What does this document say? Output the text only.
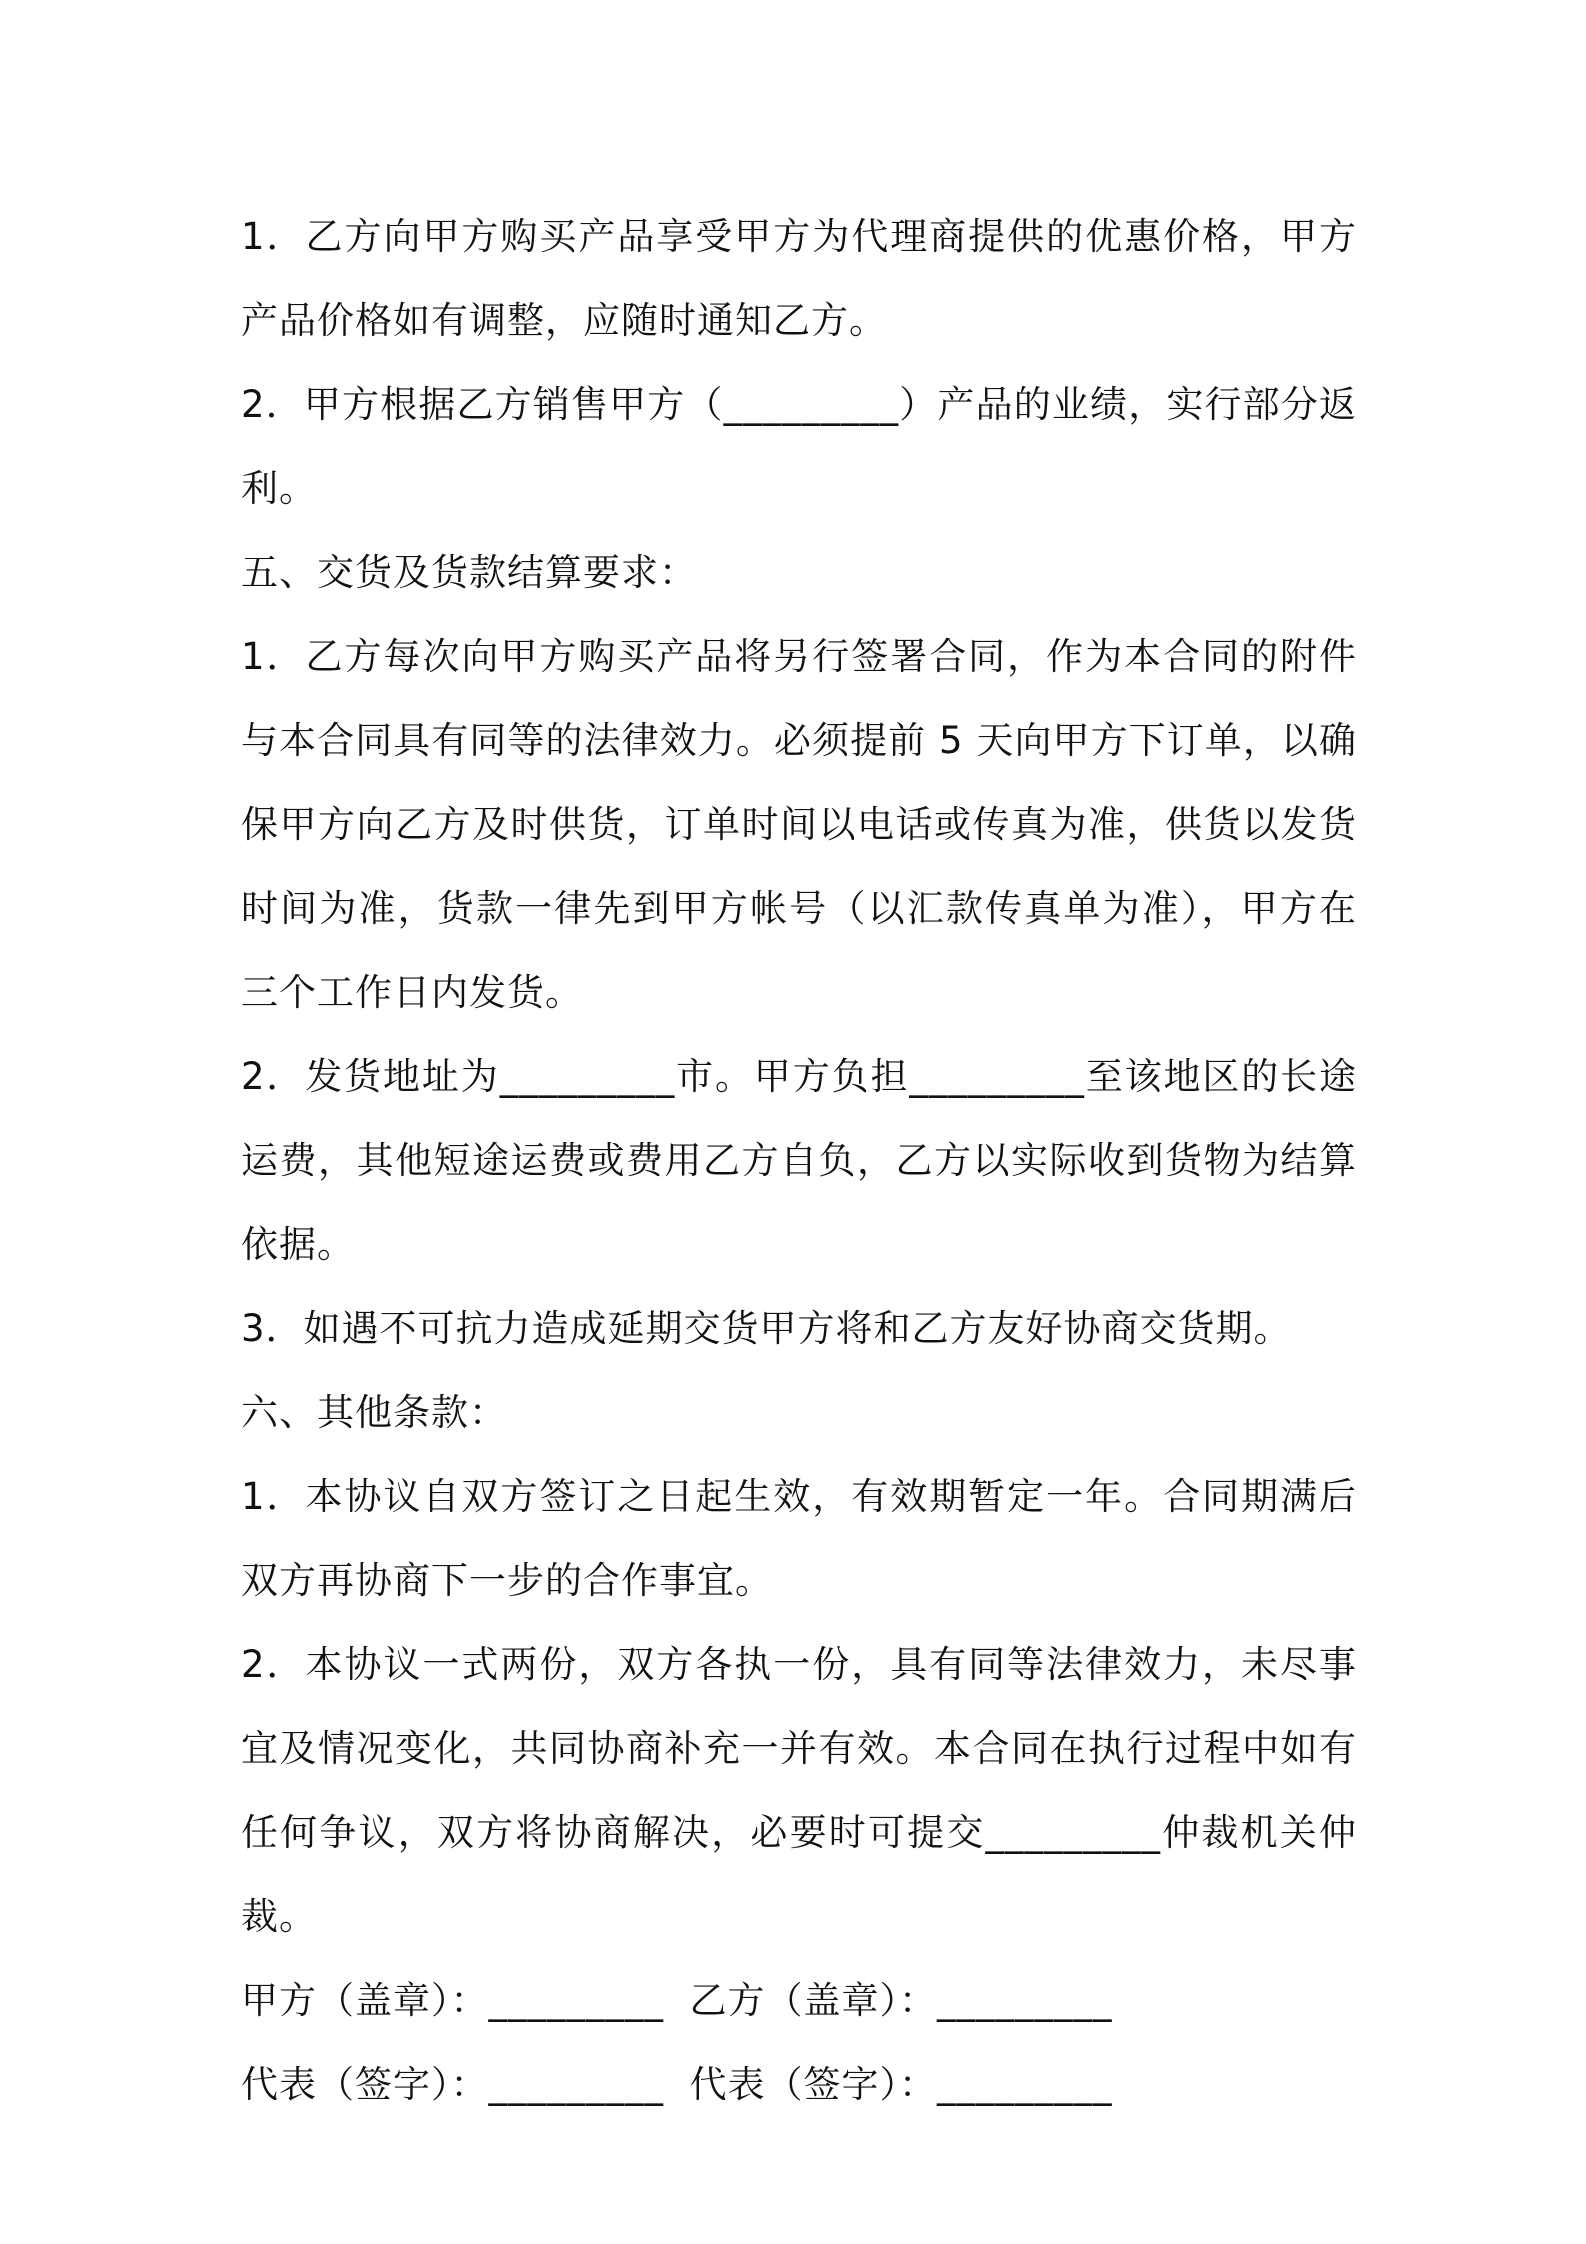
1．乙方向甲方购买产品享受甲方为代理商提供的优惠价格，甲方产品价格如有调整，应随时通知乙方。

2．甲方根据乙方销售甲方（_________）产品的业绩，实行部分返利。

五、交货及货款结算要求：

1．乙方每次向甲方购买产品将另行签署合同，作为本合同的附件与本合同具有同等的法律效力。必须提前 5 天向甲方下订单，以确保甲方向乙方及时供货，订单时间以电话或传真为准，供货以发货时间为准，货款一律先到甲方帐号（以汇款传真单为准），甲方在三个工作日内发货。

2．发货地址为_________市。甲方负担_________至该地区的长途运费，其他短途运费或费用乙方自负，乙方以实际收到货物为结算依据。

3．如遇不可抗力造成延期交货甲方将和乙方友好协商交货期。

六、其他条款：

1．本协议自双方签订之日起生效，有效期暂定一年。合同期满后双方再协商下一步的合作事宜。

2．本协议一式两份，双方各执一份，具有同等法律效力，未尽事宜及情况变化，共同协商补充一并有效。本合同在执行过程中如有任何争议，双方将协商解决，必要时可提交_________仲裁机关仲裁。

甲方（盖章）：_________  乙方（盖章）：_________

代表（签字）：_________  代表（签字）：_________
